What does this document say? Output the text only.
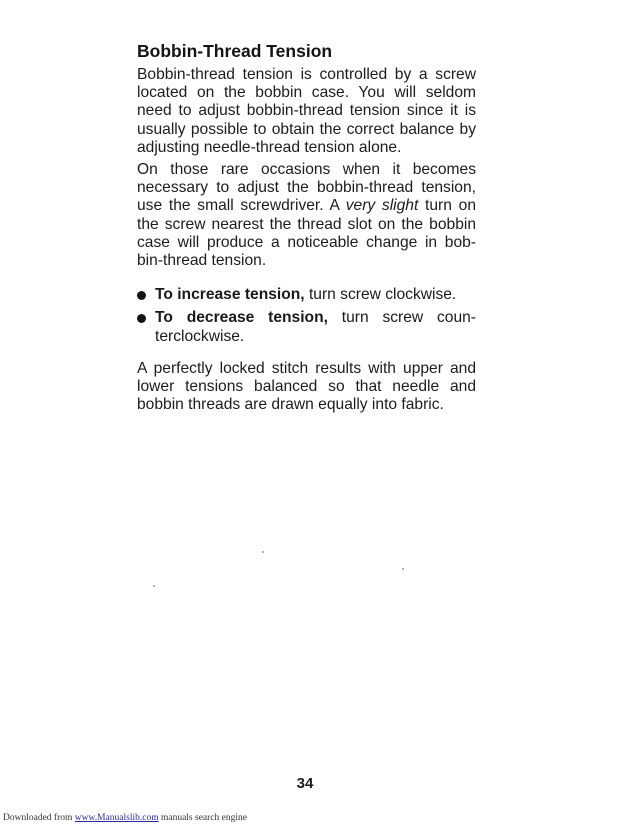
Bobbin-Thread Tension

Bobbin-thread tension is controlled by a screw located on the bobbin case. You will seldom need to adjust bobbin-thread tension since it is usually possible to obtain the correct balance by adjusting needle-thread tension alone.

On those rare occasions when it becomes necessary to adjust the bobbin-thread tension, use the small screwdriver. A very slight turn on the screw nearest the thread slot on the bobbin case will produce a noticeable change in bob-bin-thread tension.

To increase tension, turn screw clockwise.
To decrease tension, turn screw coun-terclockwise.

A perfectly locked stitch results with upper and lower tensions balanced so that needle and bobbin threads are drawn equally into fabric.

34
Downloaded from www.Manualslib.com manuals search engine
